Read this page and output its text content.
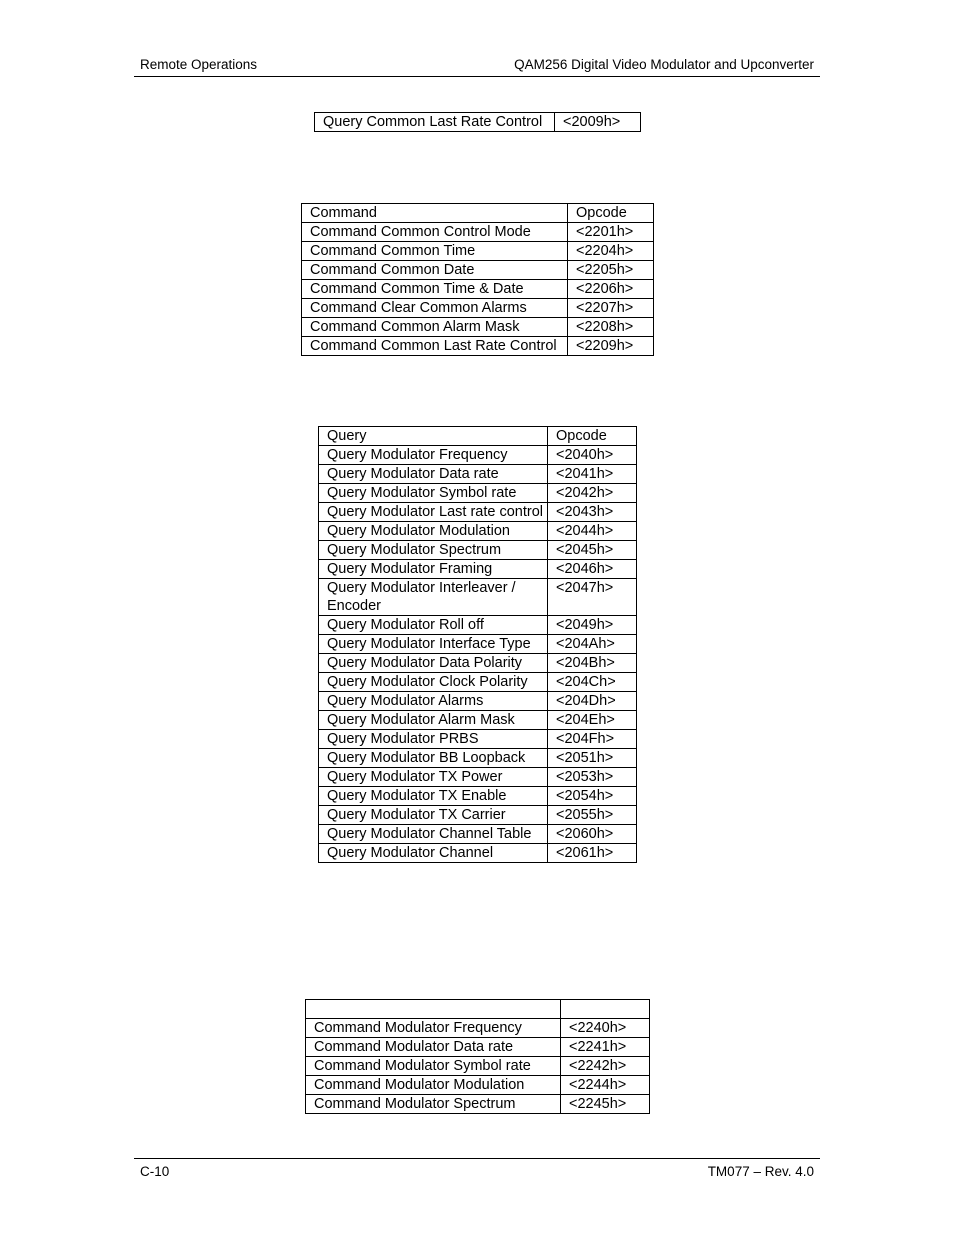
Remote Operations	QAM256 Digital Video Modulator and Upconverter
Query Common Last Rate Control	<2009h>
Command	Opcode
Command Common Control Mode	<2201h>
Command Common Time	<2204h>
Command Common Date	<2205h>
Command Common Time & Date	<2206h>
Command Clear Common Alarms	<2207h>
Command Common Alarm Mask	<2208h>
Command Common Last Rate Control	<2209h>
Query	Opcode
Query Modulator Frequency	<2040h>
Query Modulator Data rate	<2041h>
Query Modulator Symbol rate	<2042h>
Query Modulator Last rate control	<2043h>
Query Modulator Modulation	<2044h>
Query Modulator Spectrum	<2045h>
Query Modulator Framing	<2046h>
Query Modulator Interleaver / Encoder	<2047h>
Query Modulator Roll off	<2049h>
Query Modulator Interface Type	<204Ah>
Query Modulator Data Polarity	<204Bh>
Query Modulator Clock Polarity	<204Ch>
Query Modulator Alarms	<204Dh>
Query Modulator Alarm Mask	<204Eh>
Query Modulator PRBS	<204Fh>
Query Modulator BB Loopback	<2051h>
Query Modulator TX Power	<2053h>
Query Modulator TX Enable	<2054h>
Query Modulator TX Carrier	<2055h>
Query Modulator Channel Table	<2060h>
Query Modulator Channel	<2061h>

Command Modulator Frequency	<2240h>
Command Modulator Data rate	<2241h>
Command Modulator Symbol rate	<2242h>
Command Modulator Modulation	<2244h>
Command Modulator Spectrum	<2245h>
C-10	TM077 – Rev. 4.0
